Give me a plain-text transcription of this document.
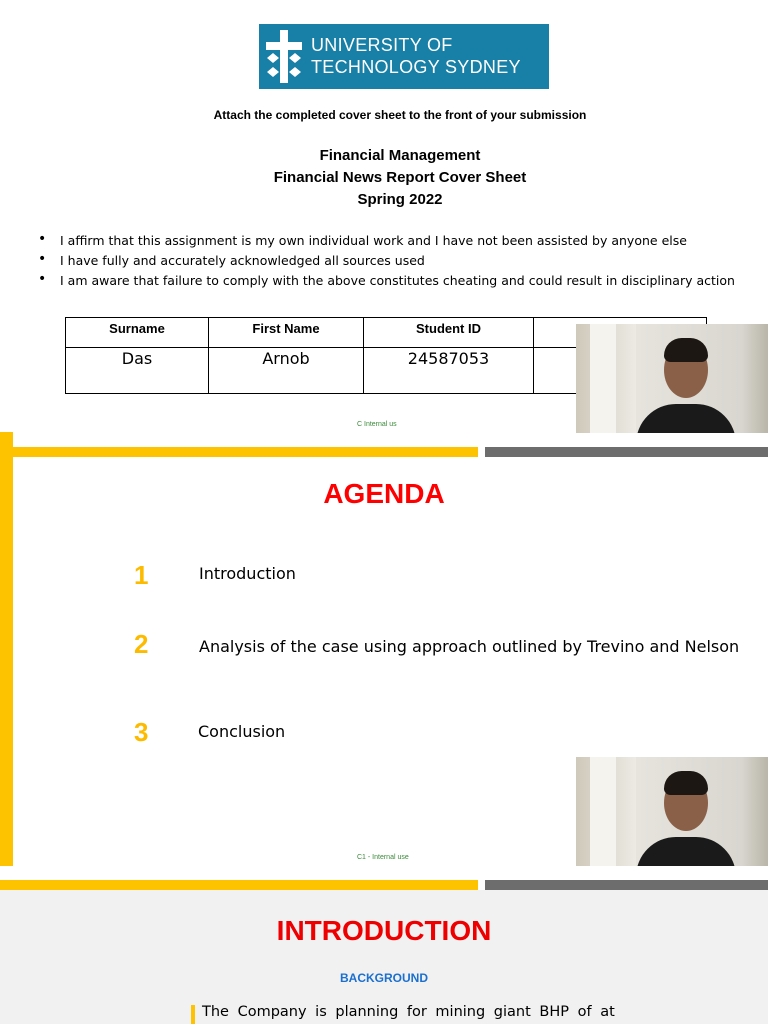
UNIVERSITY OF
TECHNOLOGY SYDNEY
Attach the completed cover sheet to the front of your submission
Financial Management
Financial News Report Cover Sheet
Spring 2022
• I affirm that this assignment is my own individual work and I have not been assisted by anyone else
• I have fully and accurately acknowledged all sources used
• I am aware that failure to comply with the above constitutes cheating and could result in disciplinary action
Surname	First Name	Student ID	
Das	Arnob	24587053	
C Internal us
AGENDA
1	Introduction
2	Analysis of the case using approach outlined by Trevino and Nelson
3	Conclusion
C1 - Internal use
INTRODUCTION
BACKGROUND
The Company is planning for mining giant BHP of at
